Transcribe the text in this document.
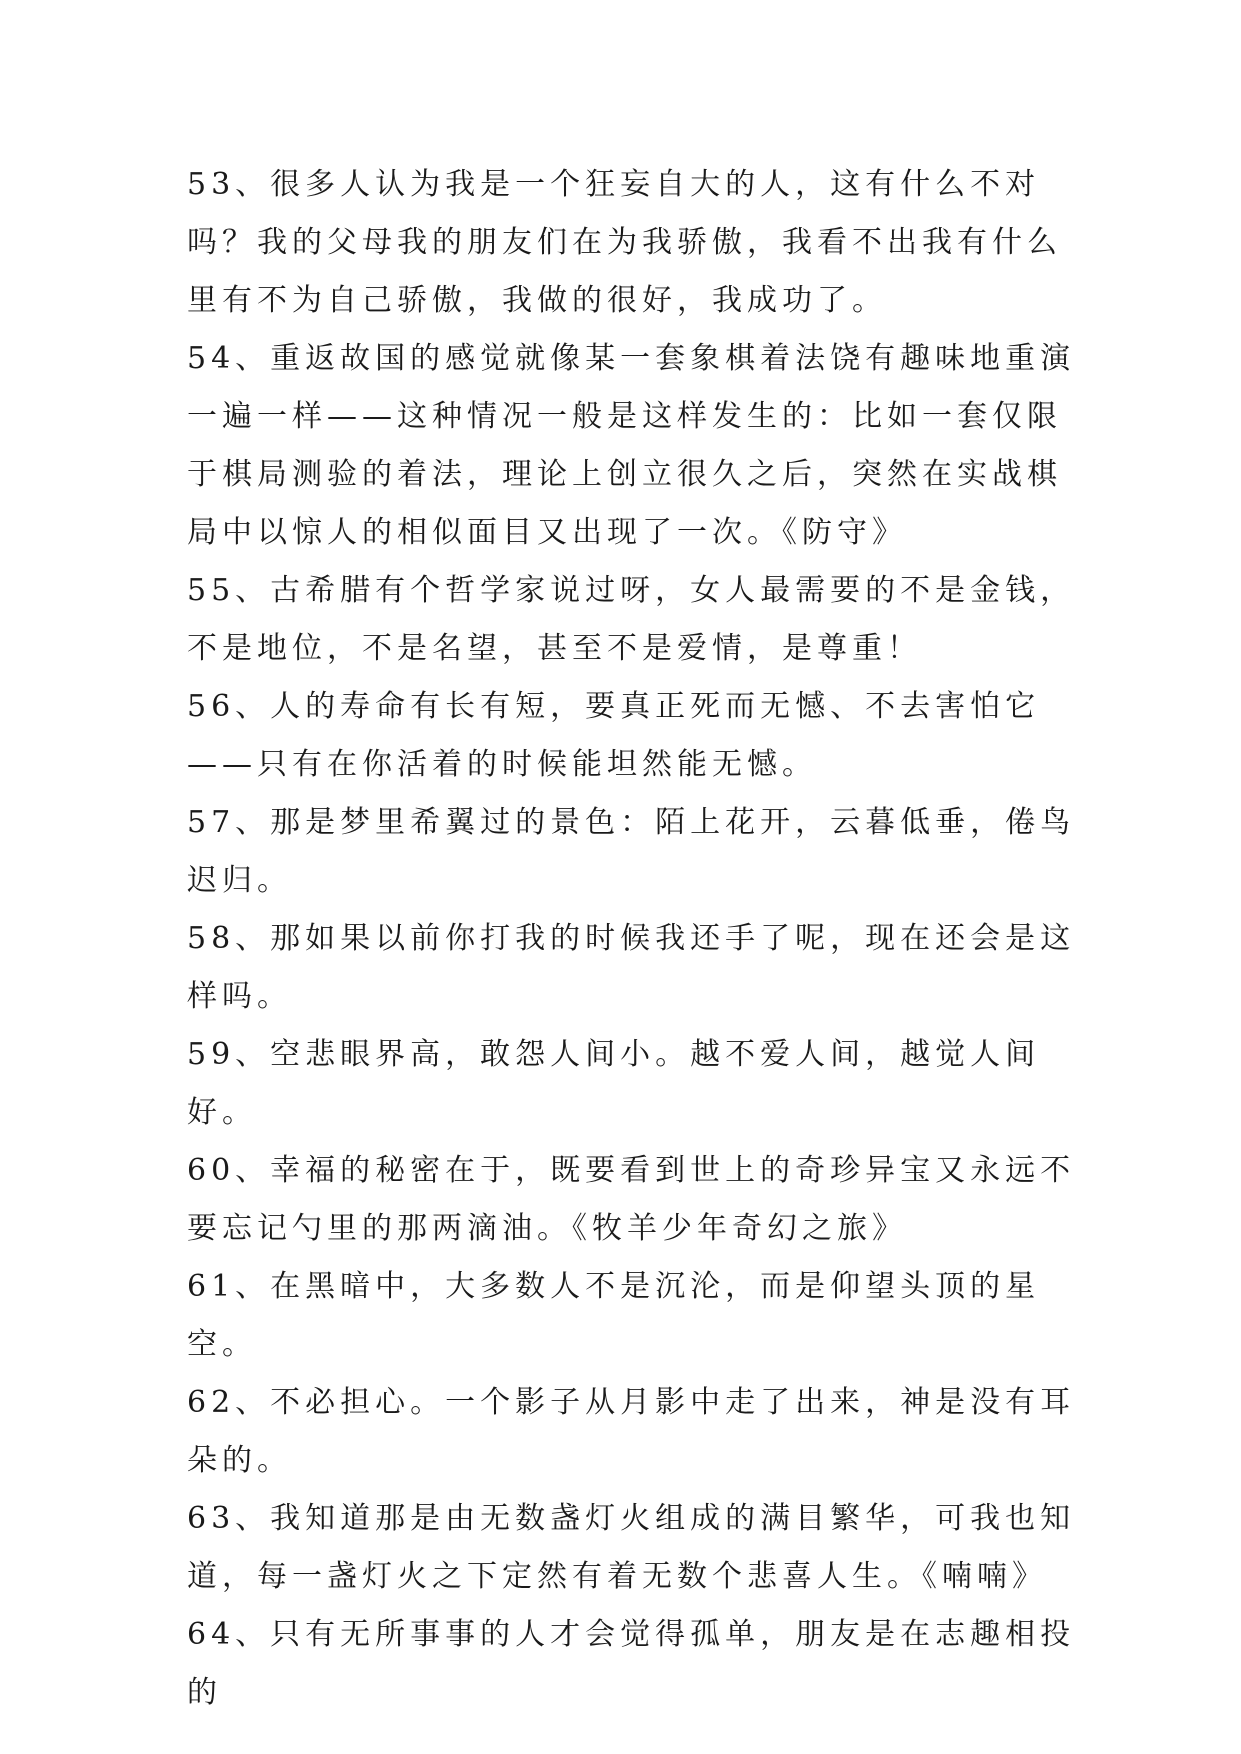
53、很多人认为我是一个狂妄自大的人，这有什么不对吗？我的父母我的朋友们在为我骄傲，我看不出我有什么里有不为自己骄傲，我做的很好，我成功了。

54、重返故国的感觉就像某一套象棋着法饶有趣味地重演一遍一样——这种情况一般是这样发生的：比如一套仅限于棋局测验的着法，理论上创立很久之后，突然在实战棋局中以惊人的相似面目又出现了一次。《防守》

55、古希腊有个哲学家说过呀，女人最需要的不是金钱，不是地位，不是名望，甚至不是爱情，是尊重！

56、人的寿命有长有短，要真正死而无憾、不去害怕它——只有在你活着的时候能坦然能无憾。

57、那是梦里希翼过的景色：陌上花开，云暮低垂，倦鸟迟归。

58、那如果以前你打我的时候我还手了呢，现在还会是这样吗。

59、空悲眼界高，敢怨人间小。越不爱人间，越觉人间好。

60、幸福的秘密在于，既要看到世上的奇珍异宝又永远不要忘记勺里的那两滴油。《牧羊少年奇幻之旅》

61、在黑暗中，大多数人不是沉沦，而是仰望头顶的星空。

62、不必担心。一个影子从月影中走了出来，神是没有耳朵的。

63、我知道那是由无数盏灯火组成的满目繁华，可我也知道，每一盏灯火之下定然有着无数个悲喜人生。《喃喃》

64、只有无所事事的人才会觉得孤单，朋友是在志趣相投的
